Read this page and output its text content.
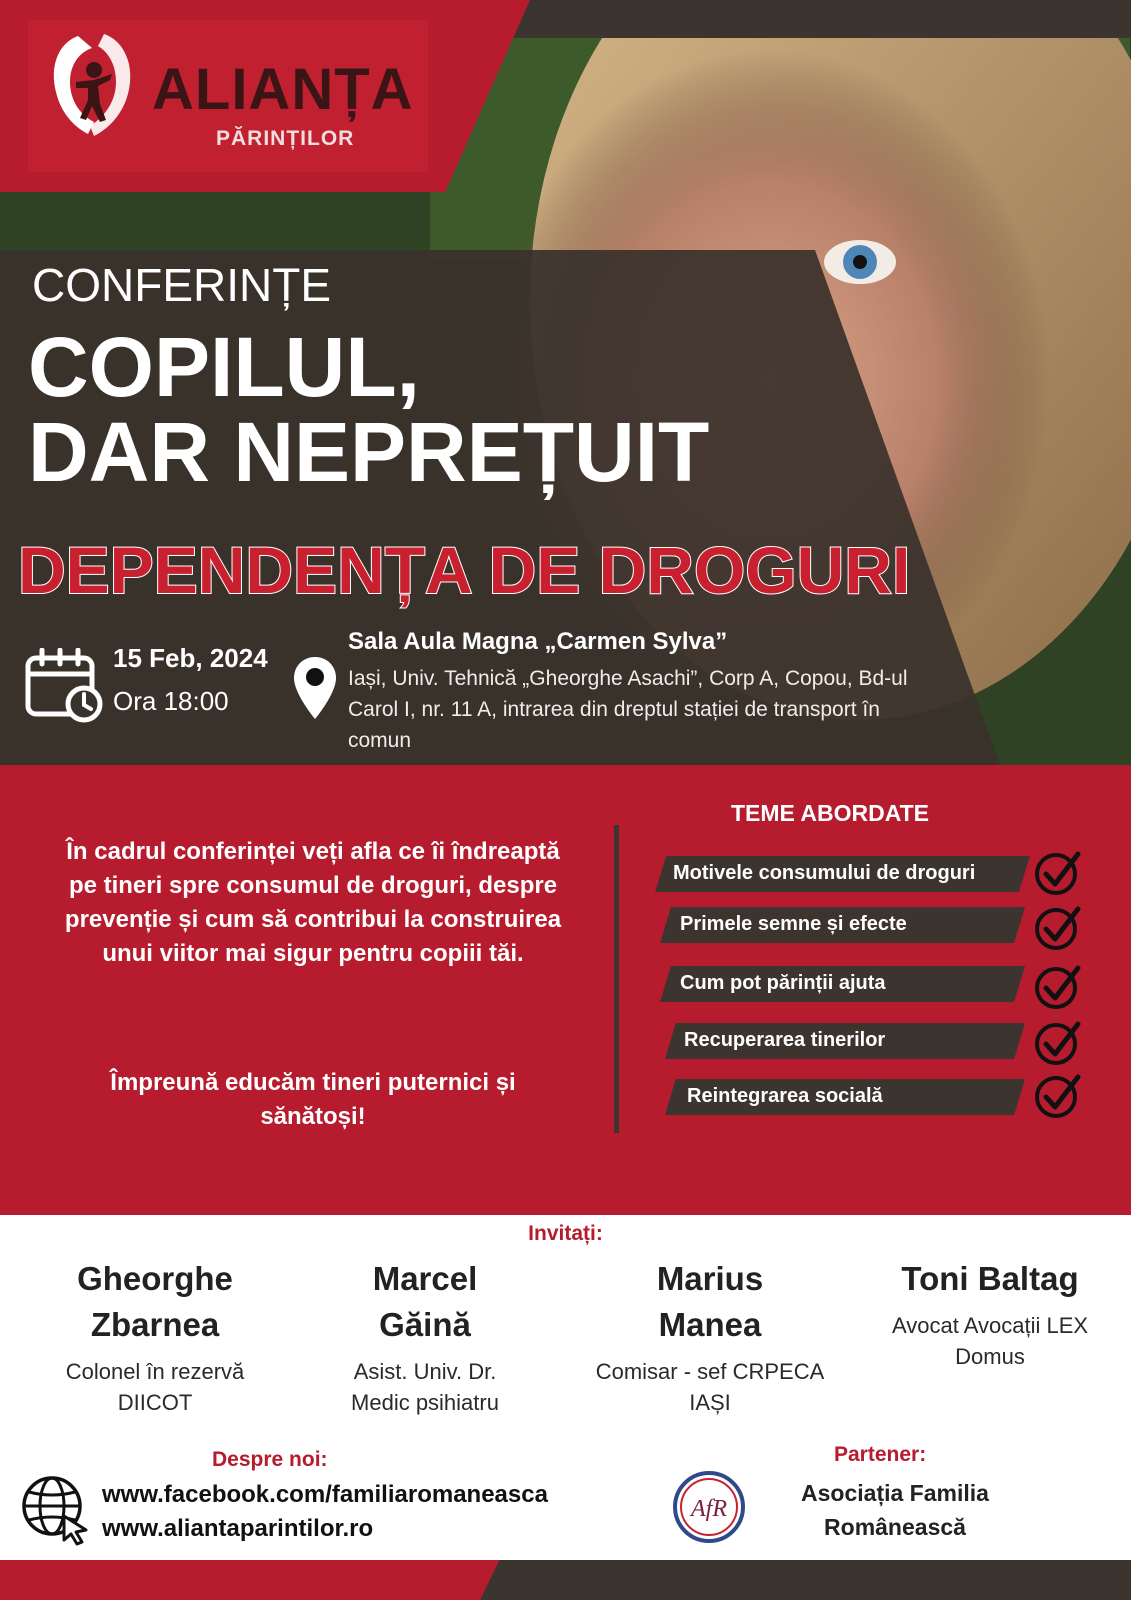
ALIANȚA
PĂRINȚILOR
CONFERINȚE
COPILUL,
DAR NEPREȚUIT
DEPENDENȚA DE DROGURI
15 Feb, 2024
Ora 18:00
Sala Aula Magna „Carmen Sylva”
Iași, Univ. Tehnică „Gheorghe Asachi”, Corp A, Copou, Bd-ul Carol I, nr. 11 A, intrarea din dreptul stației de transport în comun
În cadrul conferinței veți afla ce îi îndreaptă pe tineri spre consumul de droguri, despre prevenție și cum să contribui la construirea unui viitor mai sigur pentru copiii tăi.
Împreună educăm tineri puternici și sănătoși!
TEME ABORDATE
Motivele consumului de droguri
Primele semne și efecte
Cum pot părinții ajuta
Recuperarea tinerilor
Reintegrarea socială
Invitați:
Gheorghe Zbarnea
Colonel în rezervă DIICOT
Marcel Găină
Asist. Univ. Dr. Medic psihiatru
Marius Manea
Comisar - sef CRPECA IAȘI
Toni Baltag
Avocat Avocații LEX Domus
Despre noi:
www.facebook.com/familiaromaneasca
www.aliantaparintilor.ro
Partener:
AfR
Asociația Familia Românească
